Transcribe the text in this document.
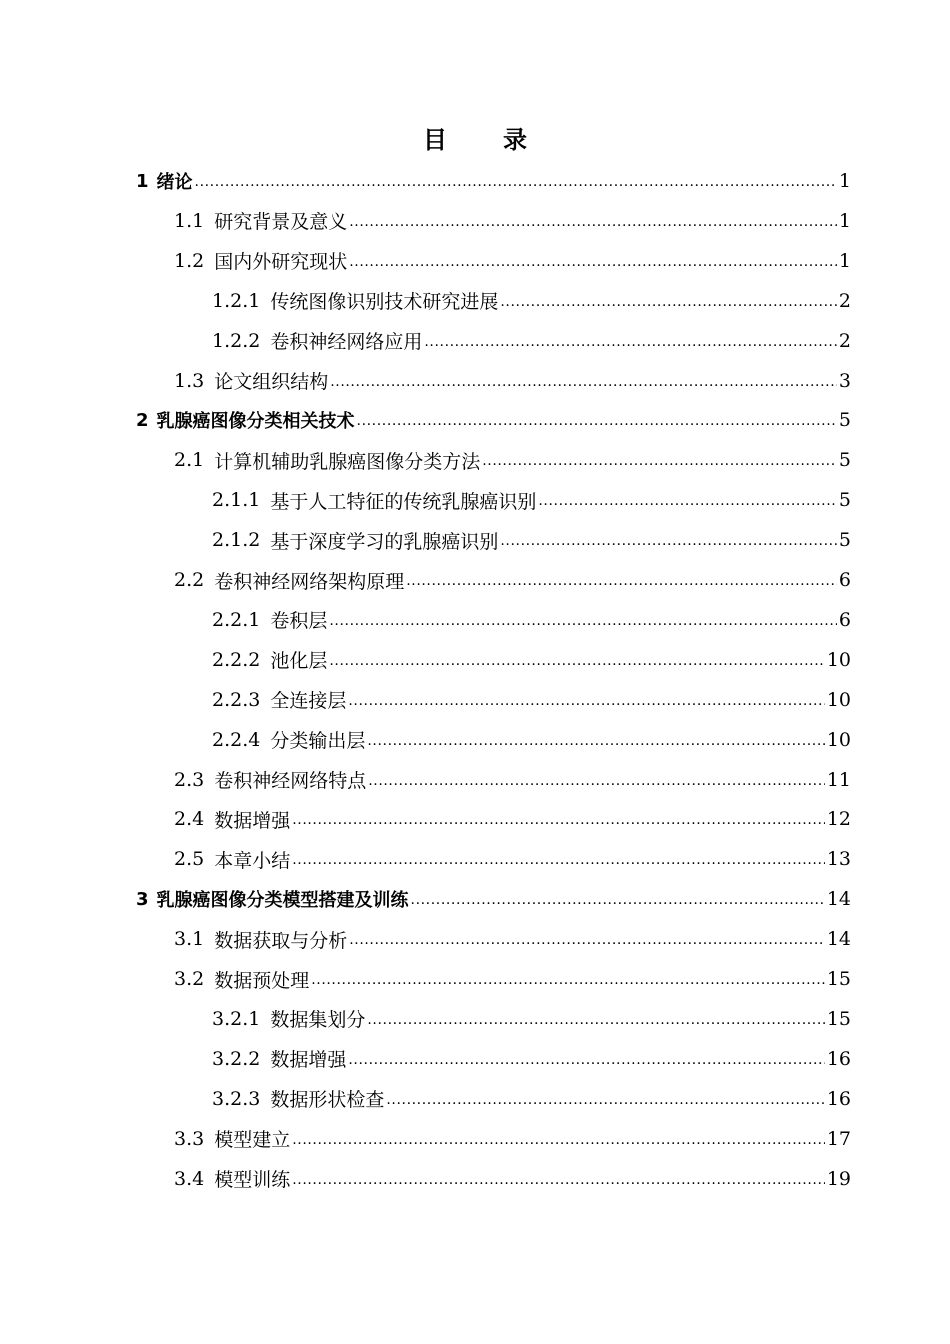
目 录
1 绪论 .....	1
1.1 研究背景及意义 .....	1
1.2 国内外研究现状 .....	1
1.2.1 传统图像识别技术研究进展 .....	2
1.2.2 卷积神经网络应用 .....	2
1.3 论文组织结构 .....	3
2 乳腺癌图像分类相关技术 .....	5
2.1 计算机辅助乳腺癌图像分类方法 .....	5
2.1.1 基于人工特征的传统乳腺癌识别 .....	5
2.1.2 基于深度学习的乳腺癌识别 .....	5
2.2 卷积神经网络架构原理 .....	6
2.2.1 卷积层 .....	6
2.2.2 池化层 .....	10
2.2.3 全连接层 .....	10
2.2.4 分类输出层 .....	10
2.3 卷积神经网络特点 .....	11
2.4 数据增强 .....	12
2.5 本章小结 .....	13
3 乳腺癌图像分类模型搭建及训练 .....	14
3.1 数据获取与分析 .....	14
3.2 数据预处理 .....	15
3.2.1 数据集划分 .....	15
3.2.2 数据增强 .....	16
3.2.3 数据形状检查 .....	16
3.3 模型建立 .....	17
3.4 模型训练 .....	19
